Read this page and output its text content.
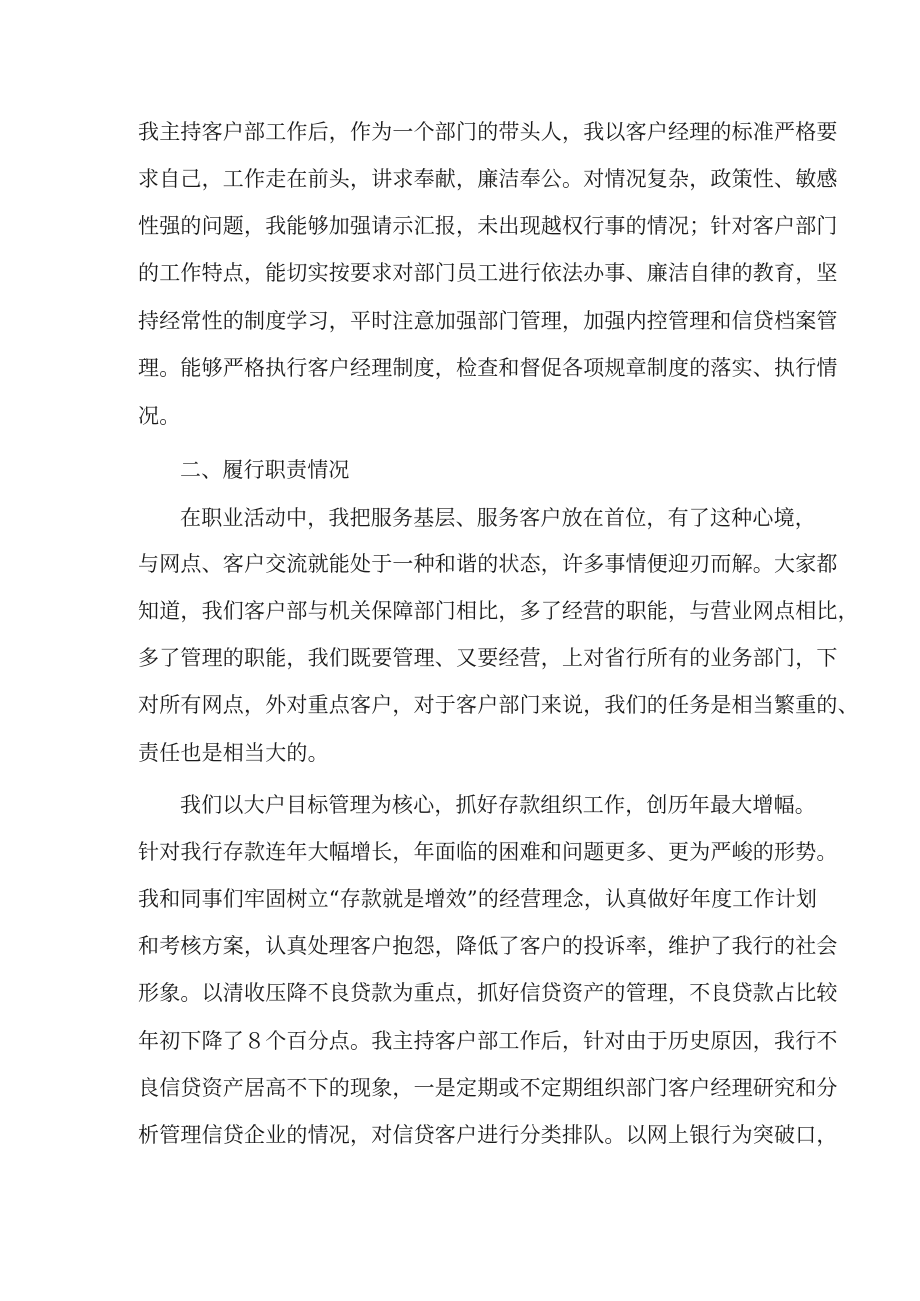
我主持客户部工作后，作为一个部门的带头人，我以客户经理的标准严格要
求自己，工作走在前头，讲求奉献，廉洁奉公。对情况复杂，政策性、敏感
性强的问题，我能够加强请示汇报，未出现越权行事的情况；针对客户部门
的工作特点，能切实按要求对部门员工进行依法办事、廉洁自律的教育，坚
持经常性的制度学习，平时注意加强部门管理，加强内控管理和信贷档案管
理。能够严格执行客户经理制度，检查和督促各项规章制度的落实、执行情
况。
二、履行职责情况
在职业活动中，我把服务基层、服务客户放在首位，有了这种心境，
与网点、客户交流就能处于一种和谐的状态，许多事情便迎刃而解。大家都
知道，我们客户部与机关保障部门相比，多了经营的职能，与营业网点相比，
多了管理的职能，我们既要管理、又要经营，上对省行所有的业务部门，下
对所有网点，外对重点客户，对于客户部门来说，我们的任务是相当繁重的、
责任也是相当大的。
我们以大户目标管理为核心，抓好存款组织工作，创历年最大增幅。
针对我行存款连年大幅增长，年面临的困难和问题更多、更为严峻的形势。
我和同事们牢固树立“存款就是增效”的经营理念，认真做好年度工作计划
和考核方案，认真处理客户抱怨，降低了客户的投诉率，维护了我行的社会
形象。以清收压降不良贷款为重点，抓好信贷资产的管理，不良贷款占比较
年初下降了８个百分点。我主持客户部工作后，针对由于历史原因，我行不
良信贷资产居高不下的现象，一是定期或不定期组织部门客户经理研究和分
析管理信贷企业的情况，对信贷客户进行分类排队。以网上银行为突破口，
